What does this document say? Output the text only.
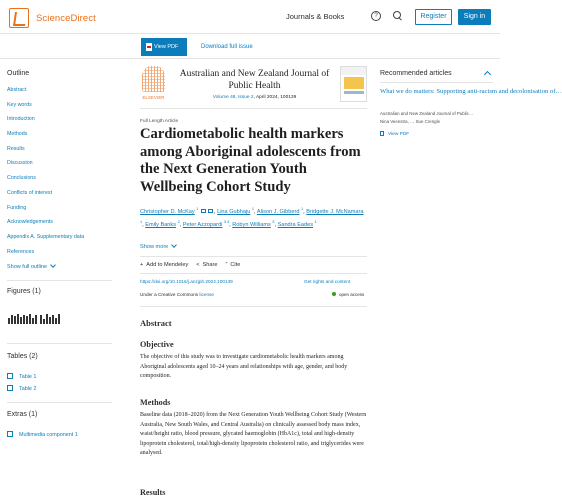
ScienceDirect	Journals & Books	?	Register	Sign in
View PDF	Download full issue
Outline
Abstract
Key words
Introduction
Methods
Results
Discussion
Conclusions
Conflicts of interest
Funding
Acknowledgements
Appendix A. Supplementary data
References
Show full outline
Figures (1)
Tables (2)
Table 1
Table 2
Extras (1)
Multimedia component 1
ELSEVIER
Australian and New Zealand Journal of Public Health
Volume 48, Issue 2, April 2024, 100139
Full Length Article
Cardiometabolic health markers among Aboriginal adolescents from the Next Generation Youth Wellbeing Cohort Study
Christopher D. McKay $^1$	, Lina Gubhaju $^1$, Alison J. Gibberd $^1$, Bridgette J. McNamara $^1$, Emily Banks $^2$, Peter Azzopardi $^{3 4}$, Robyn Williams $^5$, Sandra Eades $^1$
Show more
+ Add to Mendeley < Share ” Cite
https://doi.org/10.1016/j.anzjph.2024.100139	Get rights and content
Under a Creative Commons license	open access
Abstract
Objective

The objective of this study was to investigate cardiometabolic health markers among Aboriginal adolescents aged 10–24 years and relationships with age, gender, and body composition.

Methods

Baseline data (2018–2020) from the Next Generation Youth Wellbeing Cohort Study (Western Australia, New South Wales, and Central Australia) on clinically assessed body mass index, waist/height ratio, blood pressure, glycated haemoglobin (HbA1c), total and high-density lipoprotein cholesterol, total/high-density lipoprotein cholesterol ratio, and triglycerides were analysed.

Results
Recommended articles
What we do matters: Supporting anti-racism and decolonisation of…
Australian and New Zealand Journal of Public…
Nina Veenstra, … Sue Crengle
View PDF
